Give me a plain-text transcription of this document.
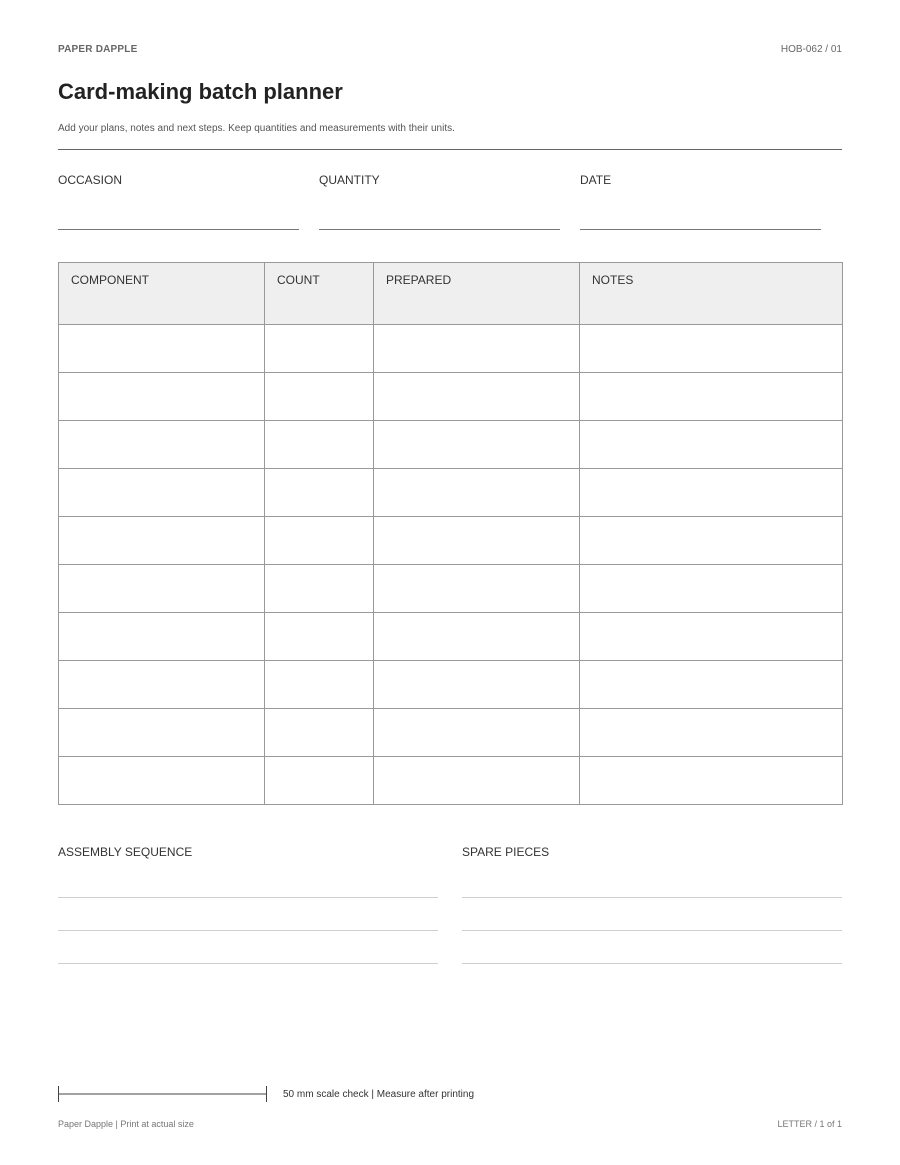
PAPER DAPPLE	HOB-062 / 01
Card-making batch planner
Add your plans, notes and next steps. Keep quantities and measurements with their units.
OCCASION	QUANTITY	DATE
COMPONENT	COUNT	PREPARED	NOTES

ASSEMBLY SEQUENCE	SPARE PIECES
50 mm scale check | Measure after printing
Paper Dapple | Print at actual size	LETTER / 1 of 1
